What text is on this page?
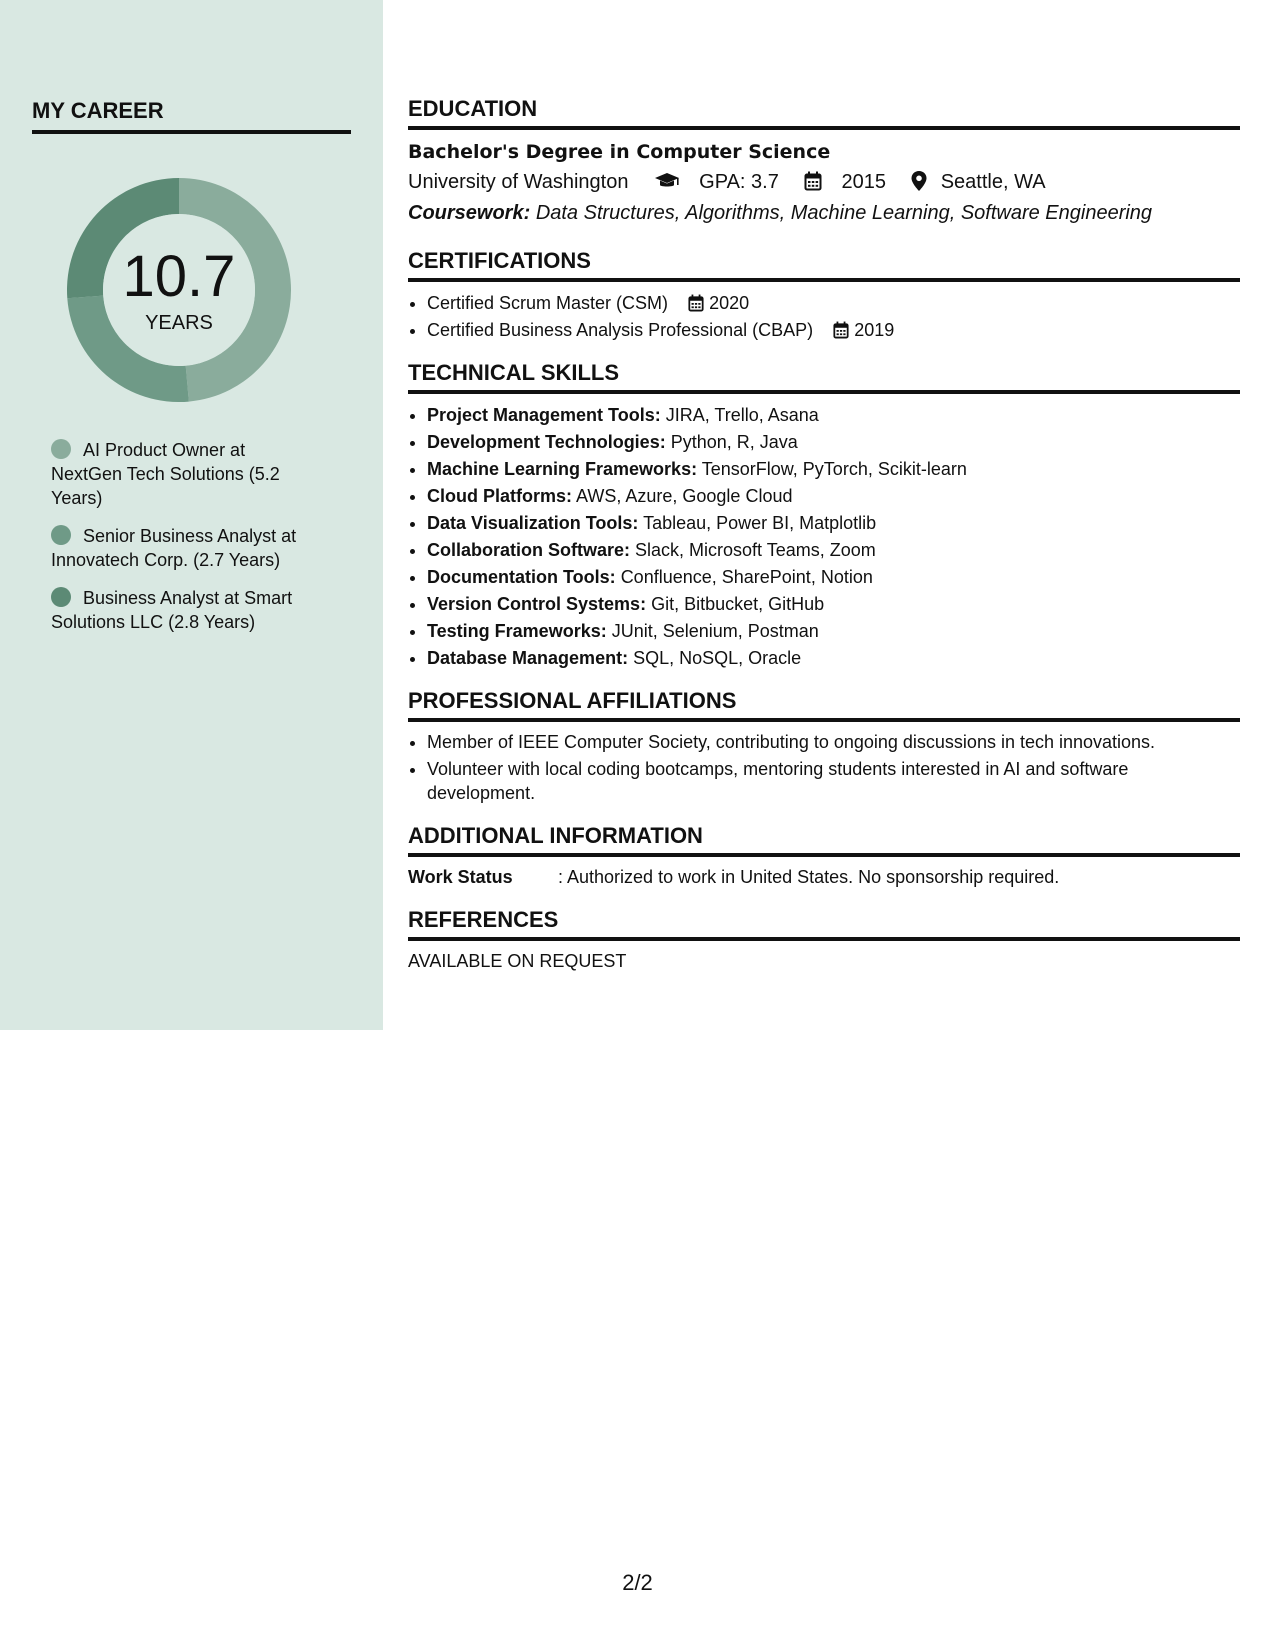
MY CAREER
10.7
YEARS
AI Product Owner at NextGen Tech Solutions (5.2 Years)
Senior Business Analyst at Innovatech Corp. (2.7 Years)
Business Analyst at Smart Solutions LLC (2.8 Years)
EDUCATION
Bachelor's Degree in Computer Science
University of Washington	GPA: 3.7	2015	Seattle, WA
Coursework: Data Structures, Algorithms, Machine Learning, Software Engineering
CERTIFICATIONS
• Certified Scrum Master (CSM) 2020
• Certified Business Analysis Professional (CBAP) 2019
TECHNICAL SKILLS
• Project Management Tools: JIRA, Trello, Asana
• Development Technologies: Python, R, Java
• Machine Learning Frameworks: TensorFlow, PyTorch, Scikit-learn
• Cloud Platforms: AWS, Azure, Google Cloud
• Data Visualization Tools: Tableau, Power BI, Matplotlib
• Collaboration Software: Slack, Microsoft Teams, Zoom
• Documentation Tools: Confluence, SharePoint, Notion
• Version Control Systems: Git, Bitbucket, GitHub
• Testing Frameworks: JUnit, Selenium, Postman
• Database Management: SQL, NoSQL, Oracle
PROFESSIONAL AFFILIATIONS
• Member of IEEE Computer Society, contributing to ongoing discussions in tech innovations.
• Volunteer with local coding bootcamps, mentoring students interested in AI and software development.
ADDITIONAL INFORMATION
Work Status	: Authorized to work in United States. No sponsorship required.
REFERENCES
AVAILABLE ON REQUEST
2/2
